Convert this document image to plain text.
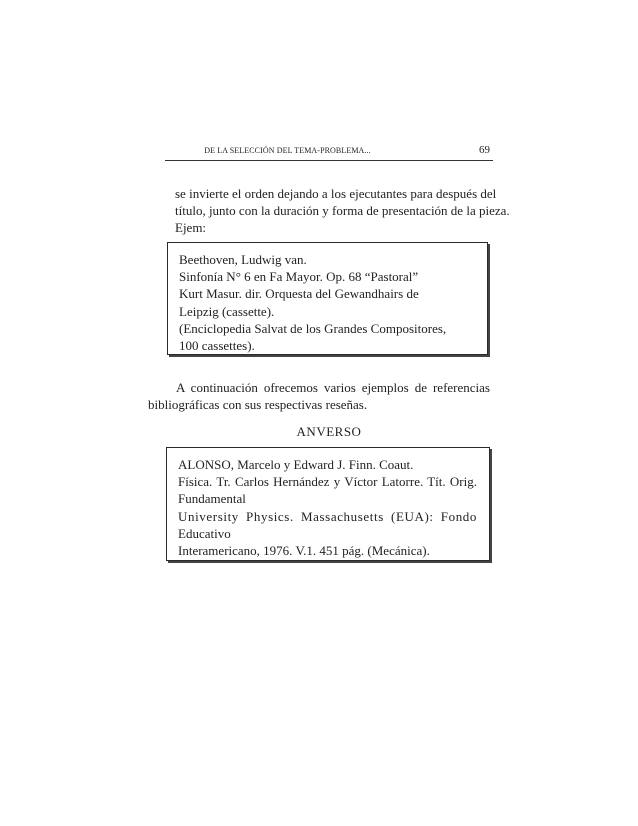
DE LA SELECCIÓN DEL TEMA-PROBLEMA...	69
se invierte el orden dejando a los ejecutantes para después del
título, junto con la duración y forma de presentación de la pieza.
Ejem:
Beethoven, Ludwig van.
Sinfonía N° 6 en Fa Mayor. Op. 68 “Pastoral”
Kurt Masur. dir. Orquesta del Gewandhairs de
Leipzig (cassette).
(Enciclopedia Salvat de los Grandes Compositores,
100 cassettes).
A continuación ofrecemos varios ejemplos de referencias
bibliográficas con sus respectivas reseñas.
ANVERSO
ALONSO, Marcelo y Edward J. Finn. Coaut.
Física. Tr. Carlos Hernández y Víctor Latorre. Tít. Orig.
Fundamental
University Physics. Massachusetts (EUA): Fondo
Educativo
Interamericano, 1976. V.1. 451 pág. (Mecánica).
